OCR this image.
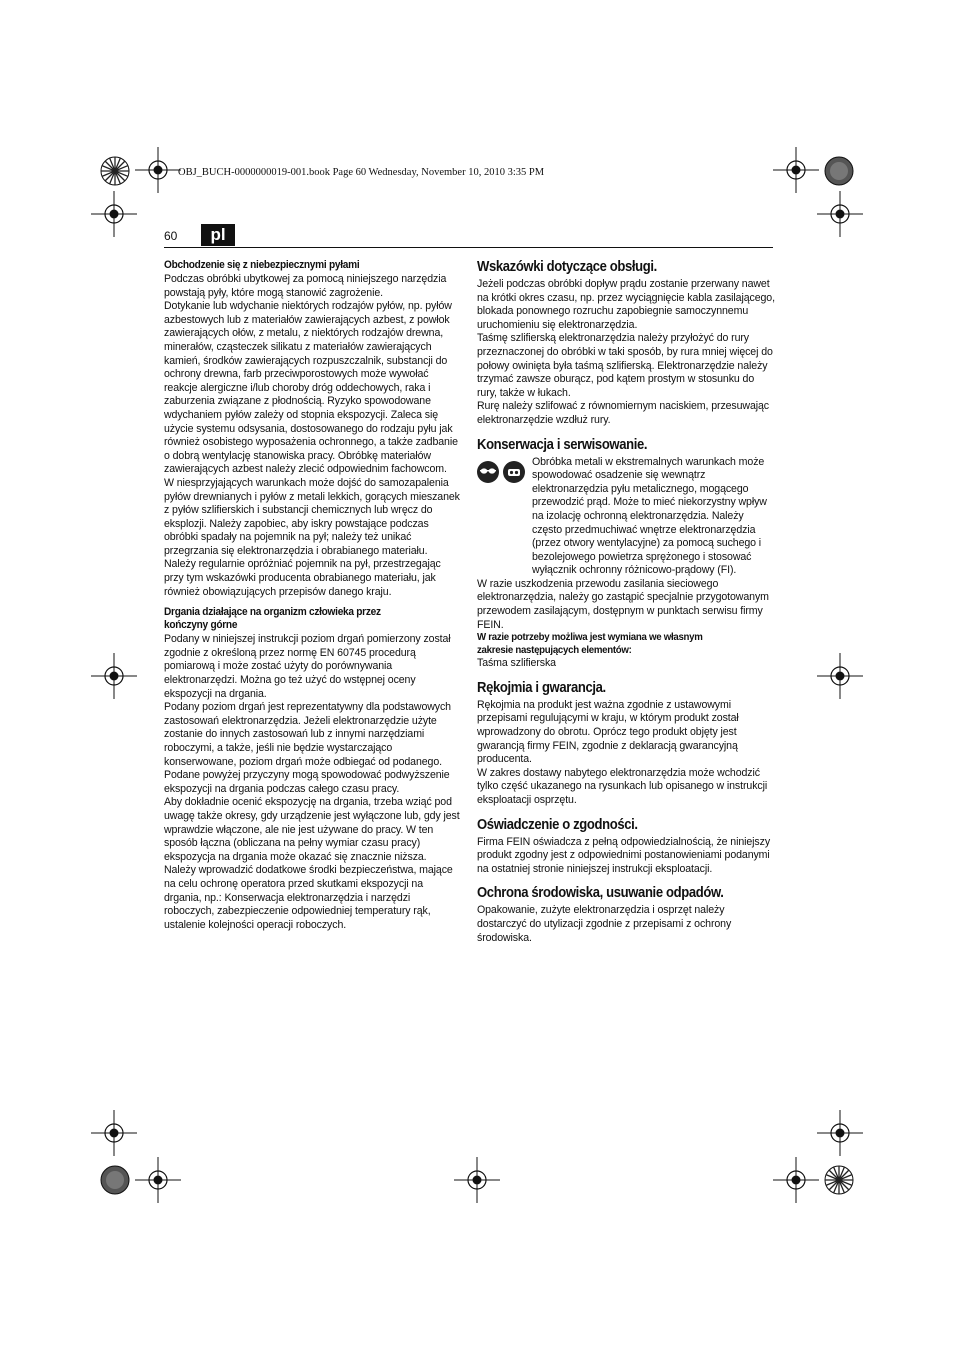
OBJ_BUCH-0000000019-001.book Page 60 Wednesday, November 10, 2010 3:35 PM
60	pl
Obchodzenie się z niebezpiecznymi pyłami

Podczas obróbki ubytkowej za pomocą niniejszego narzędzia powstają pyły, które mogą stanowić zagrożenie.

Dotykanie lub wdychanie niektórych rodzajów pyłów, np. pyłów azbestowych lub z materiałów zawierających azbest, z powłok zawierających ołów, z metalu, z niektórych rodzajów drewna, minerałów, cząsteczek silikatu z materiałów zawierających kamień, środków zawierających rozpuszczalnik, substancji do ochrony drewna, farb przeciwporostowych może wywołać reakcje alergiczne i/lub choroby dróg oddechowych, raka i zaburzenia związane z płodnością. Ryzyko spowodowane wdychaniem pyłów zależy od stopnia ekspozycji. Zaleca się użycie systemu odsysania, dostosowanego do rodzaju pyłu jak również osobistego wyposażenia ochronnego, a także zadbanie o dobrą wentylację stanowiska pracy. Obróbkę materiałów zawierających azbest należy zlecić odpowiednim fachowcom.

W niesprzyjających warunkach może dojść do samozapalenia pyłów drewnianych i pyłów z metali lekkich, gorących mieszanek z pyłów szlifierskich i substancji chemicznych lub wręcz do eksplozji. Należy zapobiec, aby iskry powstające podczas obróbki spadały na pojemnik na pył; należy też unikać przegrzania się elektronarzędzia i obrabianego materiału. Należy regularnie opróżniać pojemnik na pył, przestrzegając przy tym wskazówki producenta obrabianego materiału, jak również obowiązujących przepisów danego kraju.

Drgania działające na organizm człowieka przez
kończyny górne

Podany w niniejszej instrukcji poziom drgań pomierzony został zgodnie z określoną przez normę EN 60745 procedurą pomiarową i może zostać użyty do porównywania elektronarzędzi. Można go też użyć do wstępnej oceny ekspozycji na drgania.

Podany poziom drgań jest reprezentatywny dla podstawowych zastosowań elektronarzędzia. Jeżeli elektronarzędzie użyte zostanie do innych zastosowań lub z innymi narzędziami roboczymi, a także, jeśli nie będzie wystarczająco konserwowane, poziom drgań może odbiegać od podanego. Podane powyżej przyczyny mogą spowodować podwyższenie ekspozycji na drgania podczas całego czasu pracy.

Aby dokładnie ocenić ekspozycję na drgania, trzeba wziąć pod uwagę także okresy, gdy urządzenie jest wyłączone lub, gdy jest wprawdzie włączone, ale nie jest używane do pracy. W ten sposób łączna (obliczana na pełny wymiar czasu pracy) ekspozycja na drgania może okazać się znacznie niższa.

Należy wprowadzić dodatkowe środki bezpieczeństwa, mające na celu ochronę operatora przed skutkami ekspozycji na drgania, np.: Konserwacja elektronarzędzia i narzędzi roboczych, zabezpieczenie odpowiedniej temperatury rąk, ustalenie kolejności operacji roboczych.

Wskazówki dotyczące obsługi.

Jeżeli podczas obróbki dopływ prądu zostanie przerwany nawet na krótki okres czasu, np. przez wyciągnięcie kabla zasilającego, blokada ponownego rozruchu zapobiegnie samoczynnemu uruchomieniu się elektronarzędzia.

Taśmę szlifierską elektronarzędzia należy przyłożyć do rury przeznaczonej do obróbki w taki sposób, by rura mniej więcej do połowy owinięta była taśmą szlifierską. Elektronarzędzie należy trzymać zawsze oburącz, pod kątem prostym w stosunku do rury, także w łukach.

Rurę należy szlifować z równomiernym naciskiem, przesuwając elektronarzędzie wzdłuż rury.

Konserwacja i serwisowanie.

Obróbka metali w ekstremalnych warunkach może spowodować osadzenie się wewnątrz elektronarzędzia pyłu metalicznego, mogącego przewodzić prąd. Może to mieć niekorzystny wpływ na izolację ochronną elektronarzędzia. Należy często przedmuchiwać wnętrze elektronarzędzia (przez otwory wentylacyjne) za pomocą suchego i bezolejowego powietrza sprężonego i stosować wyłącznik ochronny różnicowo-prądowy (FI).

W razie uszkodzenia przewodu zasilania sieciowego elektronarzędzia, należy go zastąpić specjalnie przygotowanym przewodem zasilającym, dostępnym w punktach serwisu firmy FEIN.

W razie potrzeby możliwa jest wymiana we własnym
zakresie następujących elementów:

Taśma szlifierska

Rękojmia i gwarancja.

Rękojmia na produkt jest ważna zgodnie z ustawowymi przepisami regulującymi w kraju, w którym produkt został wprowadzony do obrotu. Oprócz tego produkt objęty jest gwarancją firmy FEIN, zgodnie z deklaracją gwarancyjną producenta.

W zakres dostawy nabytego elektronarzędzia może wchodzić tylko część ukazanego na rysunkach lub opisanego w instrukcji eksploatacji osprzętu.

Oświadczenie o zgodności.

Firma FEIN oświadcza z pełną odpowiedzialnością, że niniejszy produkt zgodny jest z odpowiednimi postanowieniami podanymi na ostatniej stronie niniejszej instrukcji eksploatacji.

Ochrona środowiska, usuwanie odpadów.

Opakowanie, zużyte elektronarzędzia i osprzęt należy dostarczyć do utylizacji zgodnie z przepisami z ochrony środowiska.
